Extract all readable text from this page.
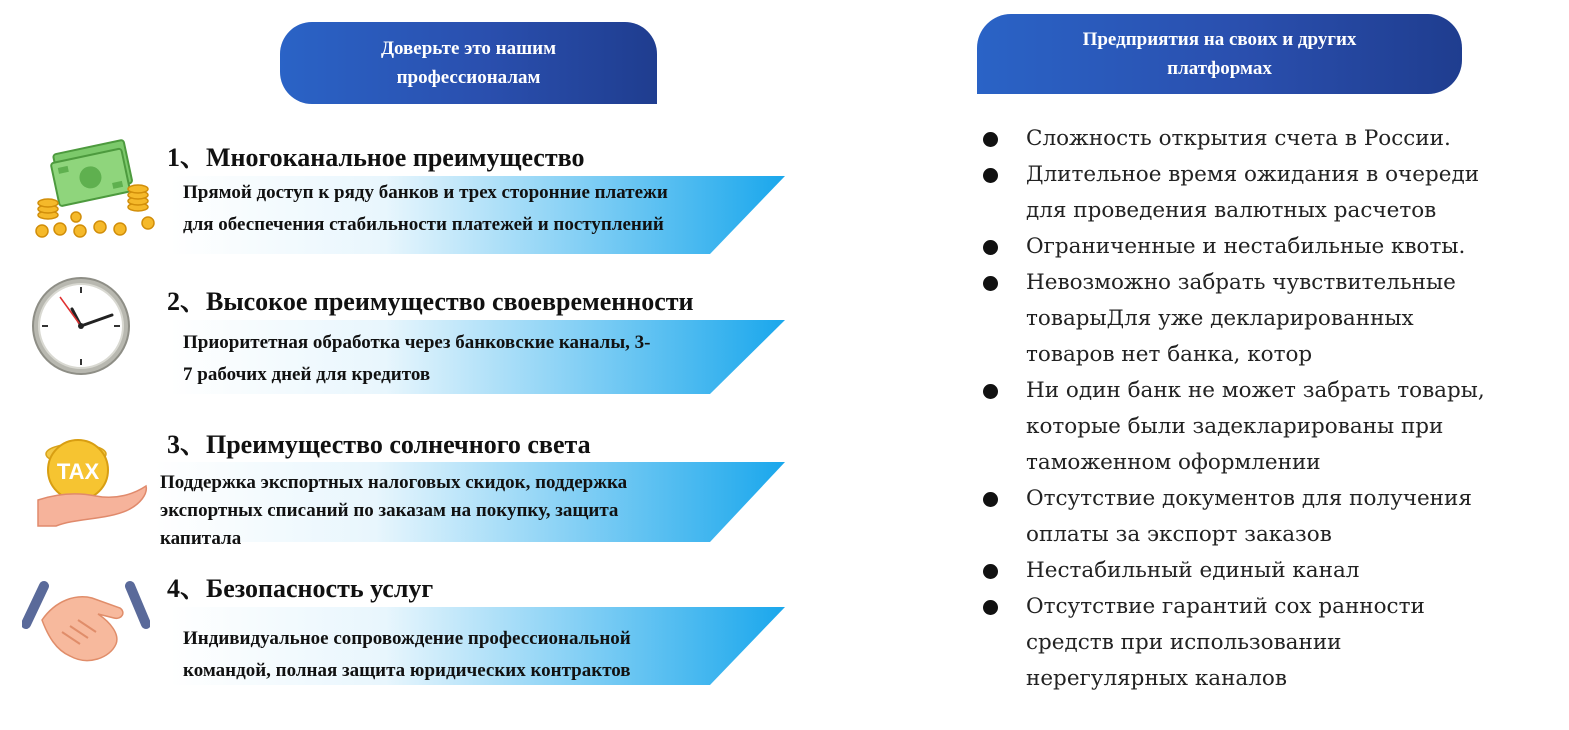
Доверьте это нашим
профессионалам
Предприятия на своих и других
платформах
1、Многоканальное преимущество
2、Высокое преимущество своевременности
3、Преимущество солнечного света
4、Безопасность услуг
Прямой доступ к ряду банков и трех сторонние платежи
для обеспечения стабильности платежей и поступлений
Приоритетная обработка через банковские каналы, 3-
7 рабочих дней для кредитов
Поддержка экспортных налоговых скидок, поддержка
экспортных списаний по заказам на покупку, защита
капитала
Индивидуальное сопровождение профессиональной
командой, полная защита юридических контрактов
TAX
Сложность открытия счета в России.
Длительное время ожидания в очереди
для проведения валютных расчетов
Ограниченные и нестабильные квоты.
Невозможно забрать чувствительные
товарыДля уже декларированных
товаров нет банка, котор
Ни один банк не может забрать товары,
которые были задекларированы при
таможенном оформлении
Отсутствие документов для получения
оплаты за экспорт заказов
Нестабильный единый канал
Отсутствие гарантий сох ранности
средств при использовании
нерегулярных каналов
